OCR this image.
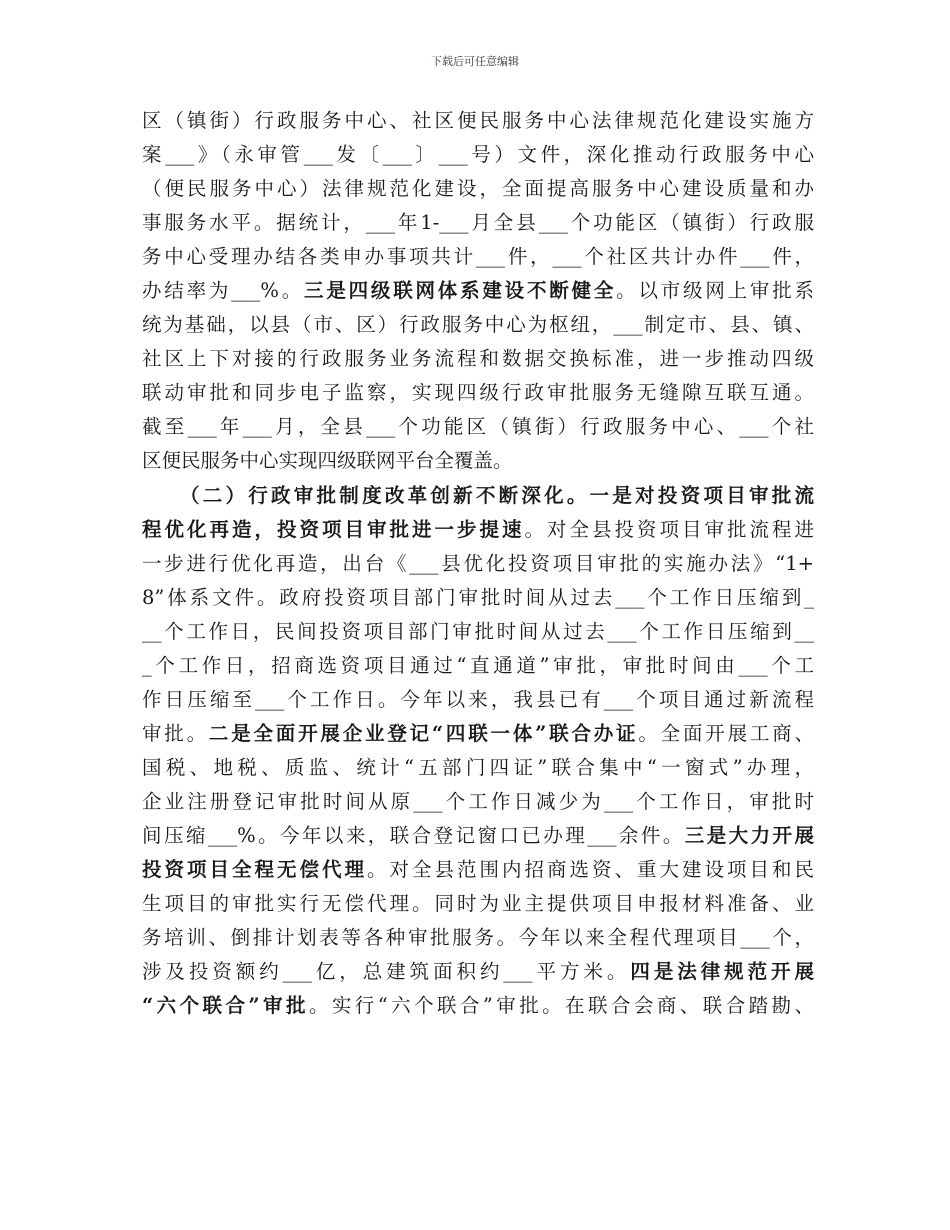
下载后可任意编辑
区（镇街）行政服务中心、社区便民服务中心法律规范化建设实施方
案___》（永审管___发〔___〕___号）文件，深化推动行政服务中心
（便民服务中心）法律规范化建设，全面提高服务中心建设质量和办
事服务水平。据统计，___年1-___月全县___个功能区（镇街）行政服
务中心受理办结各类申办事项共计___件，___个社区共计办件___件，
办结率为___%。三是四级联网体系建设不断健全。以市级网上审批系
统为基础，以县（市、区）行政服务中心为枢纽，___制定市、县、镇、
社区上下对接的行政服务业务流程和数据交换标准，进一步推动四级
联动审批和同步电子监察，实现四级行政审批服务无缝隙互联互通。
截至___年___月，全县___个功能区（镇街）行政服务中心、___个社
区便民服务中心实现四级联网平台全覆盖。
（二）行政审批制度改革创新不断深化。一是对投资项目审批流
程优化再造，投资项目审批进一步提速。对全县投资项目审批流程进
一步进行优化再造，出台《___县优化投资项目审批的实施办法》“1+
8”体系文件。政府投资项目部门审批时间从过去___个工作日压缩到_
__个工作日，民间投资项目部门审批时间从过去___个工作日压缩到__
_个工作日，招商选资项目通过“直通道”审批，审批时间由___个工
作日压缩至___个工作日。今年以来，我县已有___个项目通过新流程
审批。二是全面开展企业登记“四联一体”联合办证。全面开展工商、
国税、地税、质监、统计“五部门四证”联合集中“一窗式”办理，
企业注册登记审批时间从原___个工作日减少为___个工作日，审批时
间压缩___%。今年以来，联合登记窗口已办理___余件。三是大力开展
投资项目全程无偿代理。对全县范围内招商选资、重大建设项目和民
生项目的审批实行无偿代理。同时为业主提供项目申报材料准备、业
务培训、倒排计划表等各种审批服务。今年以来全程代理项目___个，
涉及投资额约___亿，总建筑面积约___平方米。四是法律规范开展
“六个联合”审批。实行“六个联合”审批。在联合会商、联合踏勘、
